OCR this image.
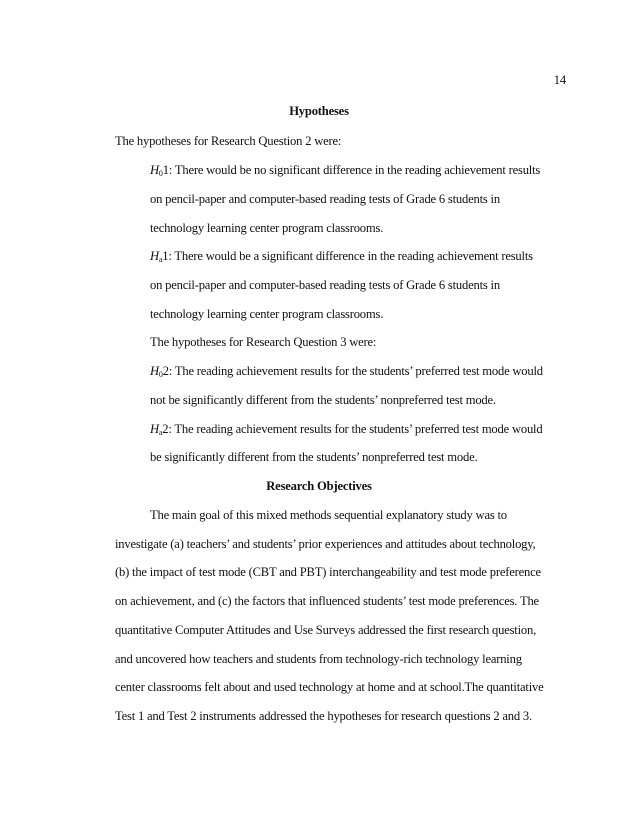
14
Hypotheses
The hypotheses for Research Question 2 were:
$H_01$: There would be no significant difference in the reading achievement results
on pencil-paper and computer-based reading tests of Grade 6 students in
technology learning center program classrooms.
$H_a1$: There would be a significant difference in the reading achievement results
on pencil-paper and computer-based reading tests of Grade 6 students in
technology learning center program classrooms.
The hypotheses for Research Question 3 were:
$H_02$: The reading achievement results for the students’ preferred test mode would
not be significantly different from the students’ nonpreferred test mode.
$H_a2$: The reading achievement results for the students’ preferred test mode would
be significantly different from the students’ nonpreferred test mode.
Research Objectives
The main goal of this mixed methods sequential explanatory study was to
investigate (a) teachers’ and students’ prior experiences and attitudes about technology,
(b) the impact of test mode (CBT and PBT) interchangeability and test mode preference
on achievement, and (c) the factors that influenced students’ test mode preferences. The
quantitative Computer Attitudes and Use Surveys addressed the first research question,
and uncovered how teachers and students from technology-rich technology learning
center classrooms felt about and used technology at home and at school.The quantitative
Test 1 and Test 2 instruments addressed the hypotheses for research questions 2 and 3.
